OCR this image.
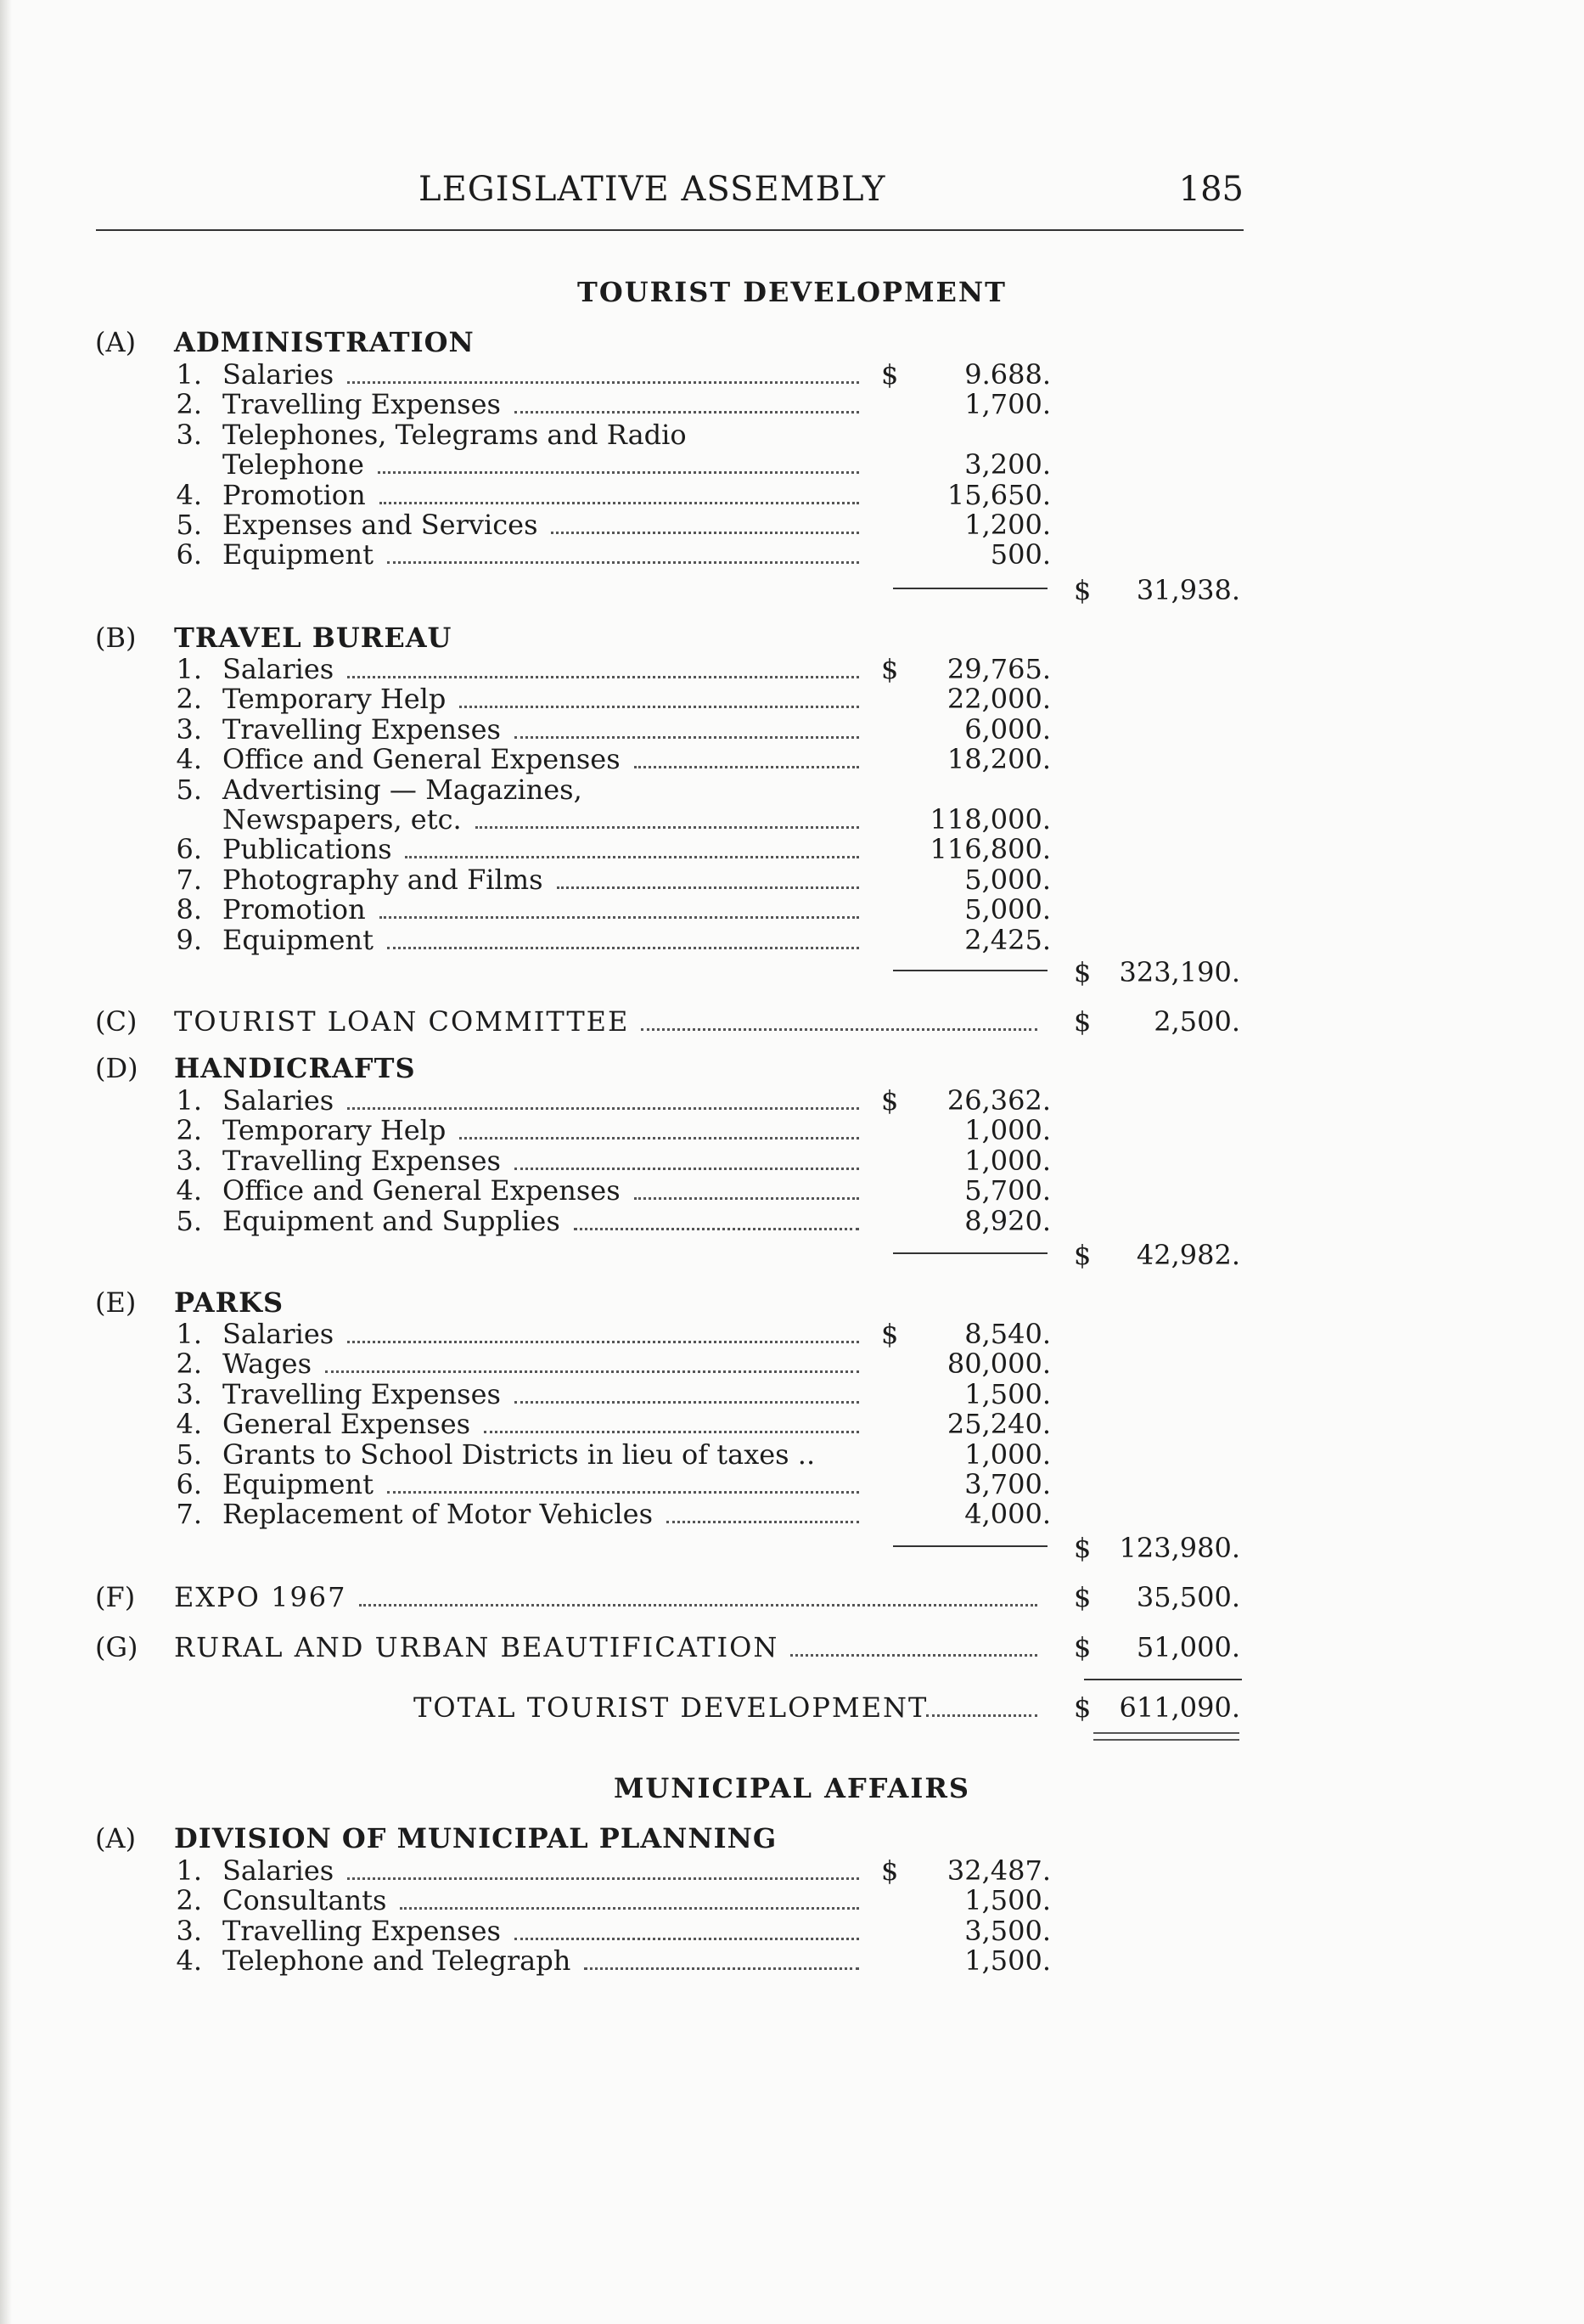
LEGISLATIVE ASSEMBLY	185
TOURIST DEVELOPMENT
(A) ADMINISTRATION
1. Salaries	$ 9.688.
2. Travelling Expenses	1,700.
3. Telephones, Telegrams and Radio
Telephone	3,200.
4. Promotion	15,650.
5. Expenses and Services	1,200.
6. Equipment	500.
$ 31,938.
(B) TRAVEL BUREAU
1. Salaries	$ 29,765.
2. Temporary Help	22,000.
3. Travelling Expenses	6,000.
4. Office and General Expenses	18,200.
5. Advertising — Magazines,
Newspapers, etc.	118,000.
6. Publications	116,800.
7. Photography and Films	5,000.
8. Promotion	5,000.
9. Equipment	2,425.
$ 323,190.
(C) TOURIST LOAN COMMITTEE	$ 2,500.
(D) HANDICRAFTS
1. Salaries	$ 26,362.
2. Temporary Help	1,000.
3. Travelling Expenses	1,000.
4. Office and General Expenses	5,700.
5. Equipment and Supplies	8,920.
$ 42,982.
(E) PARKS
1. Salaries	$ 8,540.
2. Wages	80,000.
3. Travelling Expenses	1,500.
4. General Expenses	25,240.
5. Grants to School Districts in lieu of taxes ..	1,000.
6. Equipment	3,700.
7. Replacement of Motor Vehicles	4,000.
$ 123,980.
(F) EXPO 1967	$ 35,500.
(G) RURAL AND URBAN BEAUTIFICATION	$ 51,000.
TOTAL TOURIST DEVELOPMENT	$ 611,090.
MUNICIPAL AFFAIRS
(A) DIVISION OF MUNICIPAL PLANNING
1. Salaries	$ 32,487.
2. Consultants	1,500.
3. Travelling Expenses	3,500.
4. Telephone and Telegraph	1,500.
